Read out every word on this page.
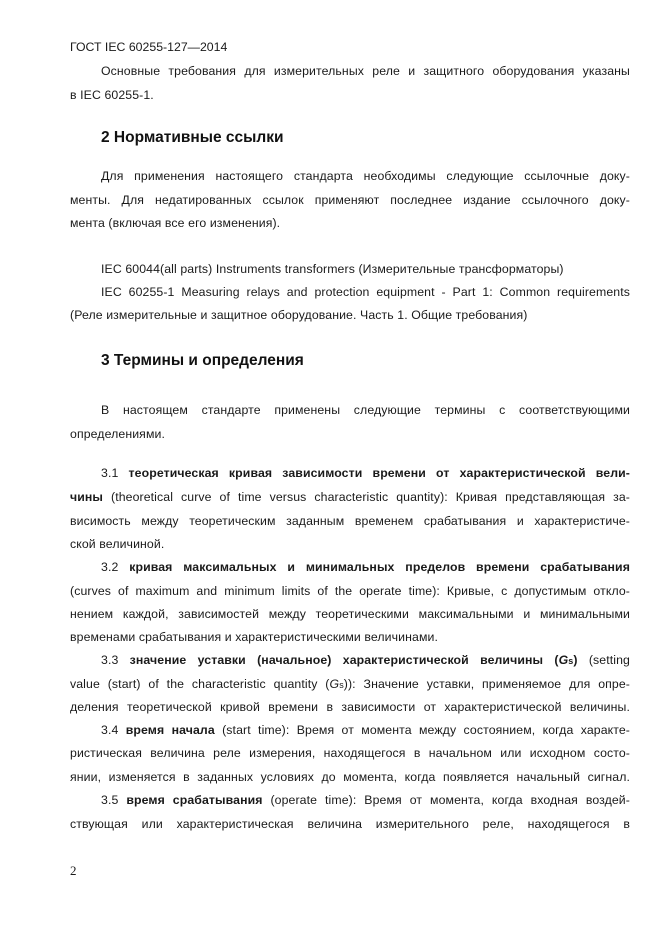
ГОСТ IEC 60255-127—2014
Основные требования для измерительных реле и защитного оборудования указаны
в IEC 60255-1.
2 Нормативные ссылки
Для применения настоящего стандарта необходимы следующие ссылочные доку-
менты. Для недатированных ссылок применяют последнее издание ссылочного доку-
мента (включая все его изменения).
IEC 60044(all parts) Instruments transformers (Измерительные трансформаторы)
IEC 60255-1 Measuring relays and protection equipment - Part 1: Common requirements
(Реле измерительные и защитное оборудование. Часть 1. Общие требования)
3 Термины и определения
В настоящем стандарте применены следующие термины с соответствующими
определениями.
3.1 теоретическая кривая зависимости времени от характеристической вели-
чины (theoretical curve of time versus characteristic quantity): Кривая представляющая за-
висимость между теоретическим заданным временем срабатывания и характеристиче-
ской величиной.
3.2 кривая максимальных и минимальных пределов времени срабатывания
(curves of maximum and minimum limits of the operate time): Кривые, с допустимым откло-
нением каждой, зависимостей между теоретическими максимальными и минимальными
временами срабатывания и характеристическими величинами.
3.3 значение уставки (начальное) характеристической величины (Gs) (setting
value (start) of the characteristic quantity (Gs)): Значение уставки, применяемое для опре-
деления теоретической кривой времени в зависимости от характеристической величины.
3.4 время начала (start time): Время от момента между состоянием, когда характе-
ристическая величина реле измерения, находящегося в начальном или исходном состо-
янии, изменяется в заданных условиях до момента, когда появляется начальный сигнал.
3.5 время срабатывания (operate time): Время от момента, когда входная воздей-
ствующая или характеристическая величина измерительного реле, находящегося в
2
